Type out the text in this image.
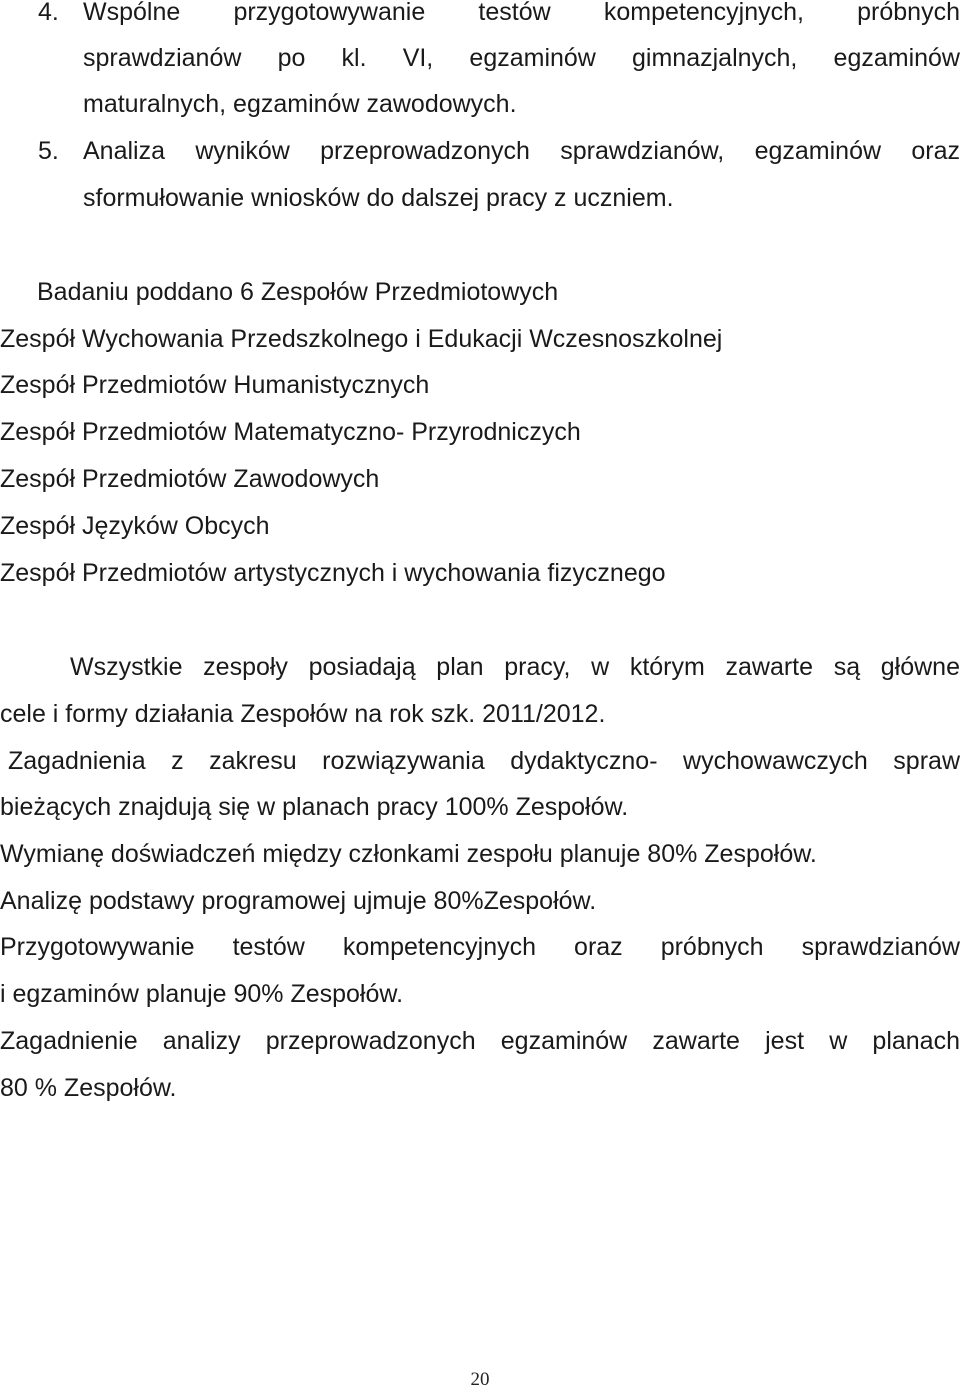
4. Wspólne przygotowywanie testów kompetencyjnych, próbnych
sprawdzianów po kl. VI, egzaminów gimnazjalnych, egzaminów
maturalnych, egzaminów zawodowych.
5. Analiza wyników przeprowadzonych sprawdzianów, egzaminów oraz
sformułowanie wniosków do dalszej pracy z uczniem.
Badaniu poddano 6 Zespołów Przedmiotowych
Zespół Wychowania Przedszkolnego i Edukacji Wczesnoszkolnej
Zespół Przedmiotów Humanistycznych
Zespół Przedmiotów Matematyczno- Przyrodniczych
Zespół Przedmiotów Zawodowych
Zespół Języków Obcych
Zespół Przedmiotów artystycznych i wychowania fizycznego
Wszystkie zespoły posiadają plan pracy, w którym zawarte są główne
cele i formy działania Zespołów na rok szk. 2011/2012.
Zagadnienia z zakresu rozwiązywania dydaktyczno- wychowawczych spraw
bieżących znajdują się w planach pracy 100% Zespołów.
Wymianę doświadczeń między członkami zespołu planuje 80% Zespołów.
Analizę podstawy programowej ujmuje 80%Zespołów.
Przygotowywanie testów kompetencyjnych oraz próbnych sprawdzianów
i egzaminów planuje 90% Zespołów.
Zagadnienie analizy przeprowadzonych egzaminów zawarte jest w planach
80 % Zespołów.
20
